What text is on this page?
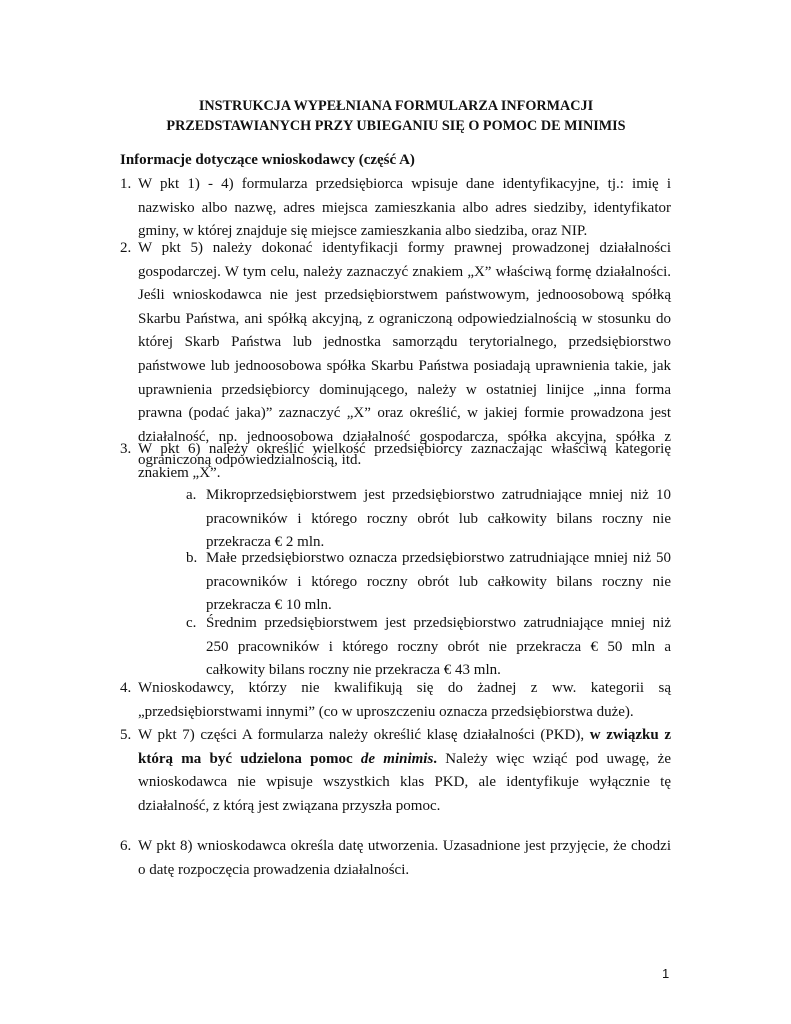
INSTRUKCJA WYPEŁNIANA FORMULARZA INFORMACJI
PRZEDSTAWIANYCH PRZY UBIEGANIU SIĘ O POMOC DE MINIMIS
Informacje dotyczące wnioskodawcy (część A)
1. W pkt 1) - 4) formularza przedsiębiorca wpisuje dane identyfikacyjne, tj.: imię i nazwisko albo nazwę, adres miejsca zamieszkania albo adres siedziby, identyfikator gminy, w której znajduje się miejsce zamieszkania albo siedziba, oraz NIP.
2. W pkt 5) należy dokonać identyfikacji formy prawnej prowadzonej działalności gospodarczej. W tym celu, należy zaznaczyć znakiem „X” właściwą formę działalności. Jeśli wnioskodawca nie jest przedsiębiorstwem państwowym, jednoosobową spółką Skarbu Państwa, ani spółką akcyjną, z ograniczoną odpowiedzialnością w stosunku do której Skarb Państwa lub jednostka samorządu terytorialnego, przedsiębiorstwo państwowe lub jednoosobowa spółka Skarbu Państwa posiadają uprawnienia takie, jak uprawnienia przedsiębiorcy dominującego, należy w ostatniej linijce „inna forma prawna (podać jaka)” zaznaczyć „X” oraz określić, w jakiej formie prowadzona jest działalność, np. jednoosobowa działalność gospodarcza, spółka akcyjna, spółka z ograniczoną odpowiedzialnością, itd.
3. W pkt 6) należy określić wielkość przedsiębiorcy zaznaczając właściwą kategorię znakiem „X”.
a. Mikroprzedsiębiorstwem jest przedsiębiorstwo zatrudniające mniej niż 10 pracowników i którego roczny obrót lub całkowity bilans roczny nie przekracza € 2 mln.
b. Małe przedsiębiorstwo oznacza przedsiębiorstwo zatrudniające mniej niż 50 pracowników i którego roczny obrót lub całkowity bilans roczny nie przekracza € 10 mln.
c. Średnim przedsiębiorstwem jest przedsiębiorstwo zatrudniające mniej niż 250 pracowników i którego roczny obrót nie przekracza € 50 mln a całkowity bilans roczny nie przekracza € 43 mln.
4. Wnioskodawcy, którzy nie kwalifikują się do żadnej z ww. kategorii są „przedsiębiorstwami innymi” (co w uproszczeniu oznacza przedsiębiorstwa duże).
5. W pkt 7) części A formularza należy określić klasę działalności (PKD), w związku z którą ma być udzielona pomoc de minimis. Należy więc wziąć pod uwagę, że wnioskodawca nie wpisuje wszystkich klas PKD, ale identyfikuje wyłącznie tę działalność, z którą jest związana przyszła pomoc.
6. W pkt 8) wnioskodawca określa datę utworzenia. Uzasadnione jest przyjęcie, że chodzi o datę rozpoczęcia prowadzenia działalności.
1
